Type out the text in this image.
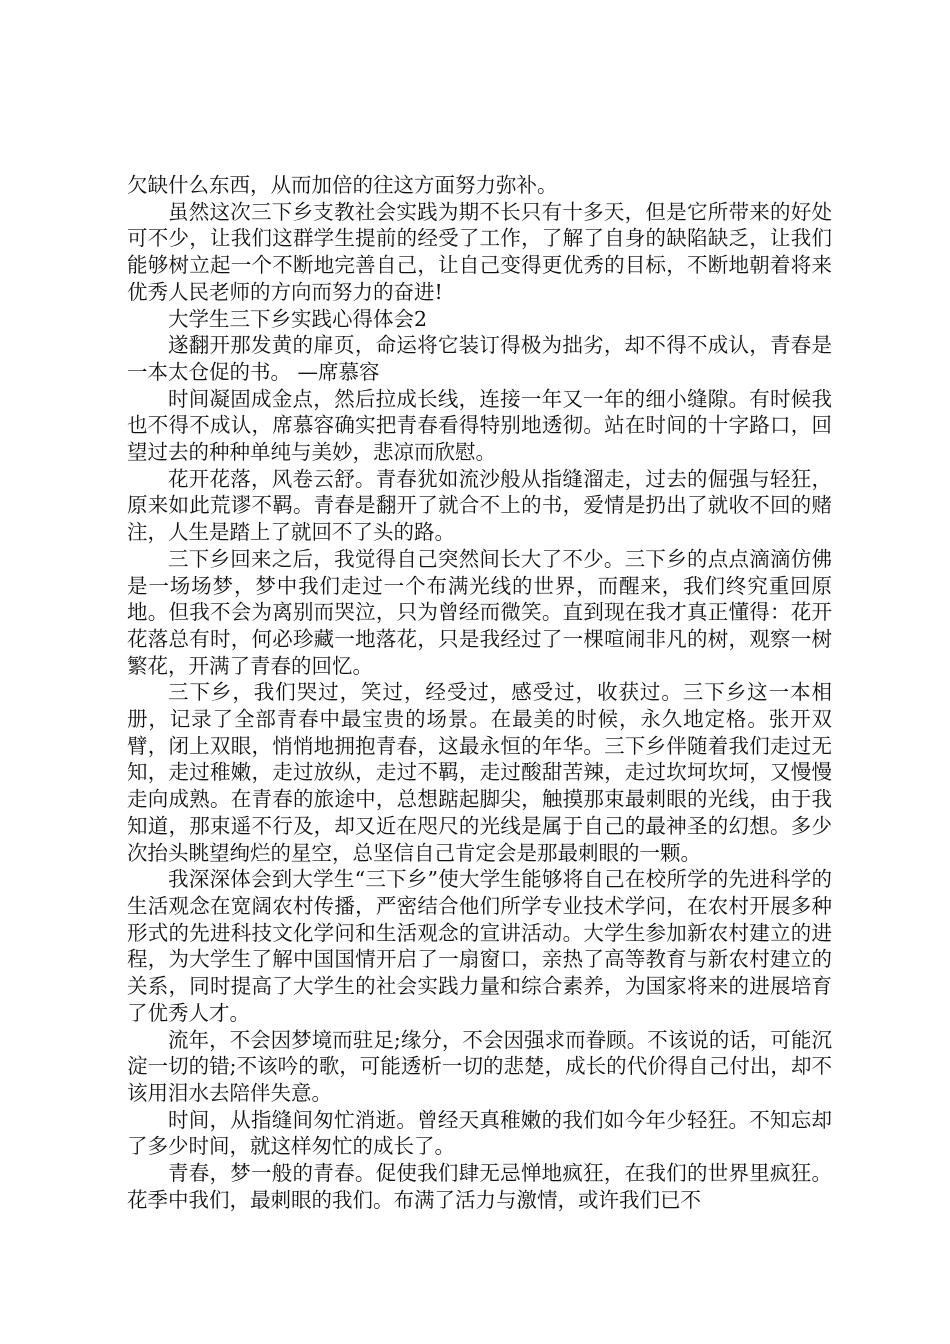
欠缺什么东西，从而加倍的往这方面努力弥补。

虽然这次三下乡支教社会实践为期不长只有十多天，但是它所带来的好处可不少，让我们这群学生提前的经受了工作，了解了自身的缺陷缺乏，让我们能够树立起一个不断地完善自己，让自己变得更优秀的目标，不断地朝着将来优秀人民老师的方向而努力的奋进!

大学生三下乡实践心得体会2

遂翻开那发黄的扉页，命运将它装订得极为拙劣，却不得不成认，青春是一本太仓促的书。 —席慕容

时间凝固成金点，然后拉成长线，连接一年又一年的细小缝隙。有时候我也不得不成认，席慕容确实把青春看得特别地透彻。站在时间的十字路口，回望过去的种种单纯与美妙，悲凉而欣慰。

花开花落，风卷云舒。青春犹如流沙般从指缝溜走，过去的倔强与轻狂，原来如此荒谬不羁。青春是翻开了就合不上的书，爱情是扔出了就收不回的赌注，人生是踏上了就回不了头的路。

三下乡回来之后，我觉得自己突然间长大了不少。三下乡的点点滴滴仿佛是一场场梦，梦中我们走过一个布满光线的世界，而醒来，我们终究重回原地。但我不会为离别而哭泣，只为曾经而微笑。直到现在我才真正懂得：花开花落总有时，何必珍藏一地落花，只是我经过了一棵喧闹非凡的树，观察一树繁花，开满了青春的回忆。

三下乡，我们哭过，笑过，经受过，感受过，收获过。三下乡这一本相册，记录了全部青春中最宝贵的场景。在最美的时候，永久地定格。张开双臂，闭上双眼，悄悄地拥抱青春，这最永恒的年华。三下乡伴随着我们走过无知，走过稚嫩，走过放纵，走过不羁，走过酸甜苦辣，走过坎坷坎坷，又慢慢走向成熟。在青春的旅途中，总想踮起脚尖，触摸那束最刺眼的光线，由于我知道，那束遥不行及，却又近在咫尺的光线是属于自己的最神圣的幻想。多少次抬头眺望绚烂的星空，总坚信自己肯定会是那最刺眼的一颗。

我深深体会到大学生“三下乡”使大学生能够将自己在校所学的先进科学的生活观念在宽阔农村传播，严密结合他们所学专业技术学问，在农村开展多种形式的先进科技文化学问和生活观念的宣讲活动。大学生参加新农村建立的进程，为大学生了解中国国情开启了一扇窗口，亲热了高等教育与新农村建立的关系，同时提高了大学生的社会实践力量和综合素养，为国家将来的进展培育了优秀人才。

流年，不会因梦境而驻足;缘分，不会因强求而眷顾。不该说的话，可能沉淀一切的错;不该吟的歌，可能透析一切的悲楚，成长的代价得自己付出，却不该用泪水去陪伴失意。

时间，从指缝间匆忙消逝。曾经天真稚嫩的我们如今年少轻狂。不知忘却了多少时间，就这样匆忙的成长了。

青春，梦一般的青春。促使我们肆无忌惮地疯狂，在我们的世界里疯狂。花季中我们，最刺眼的我们。布满了活力与激情，或许我们已不
